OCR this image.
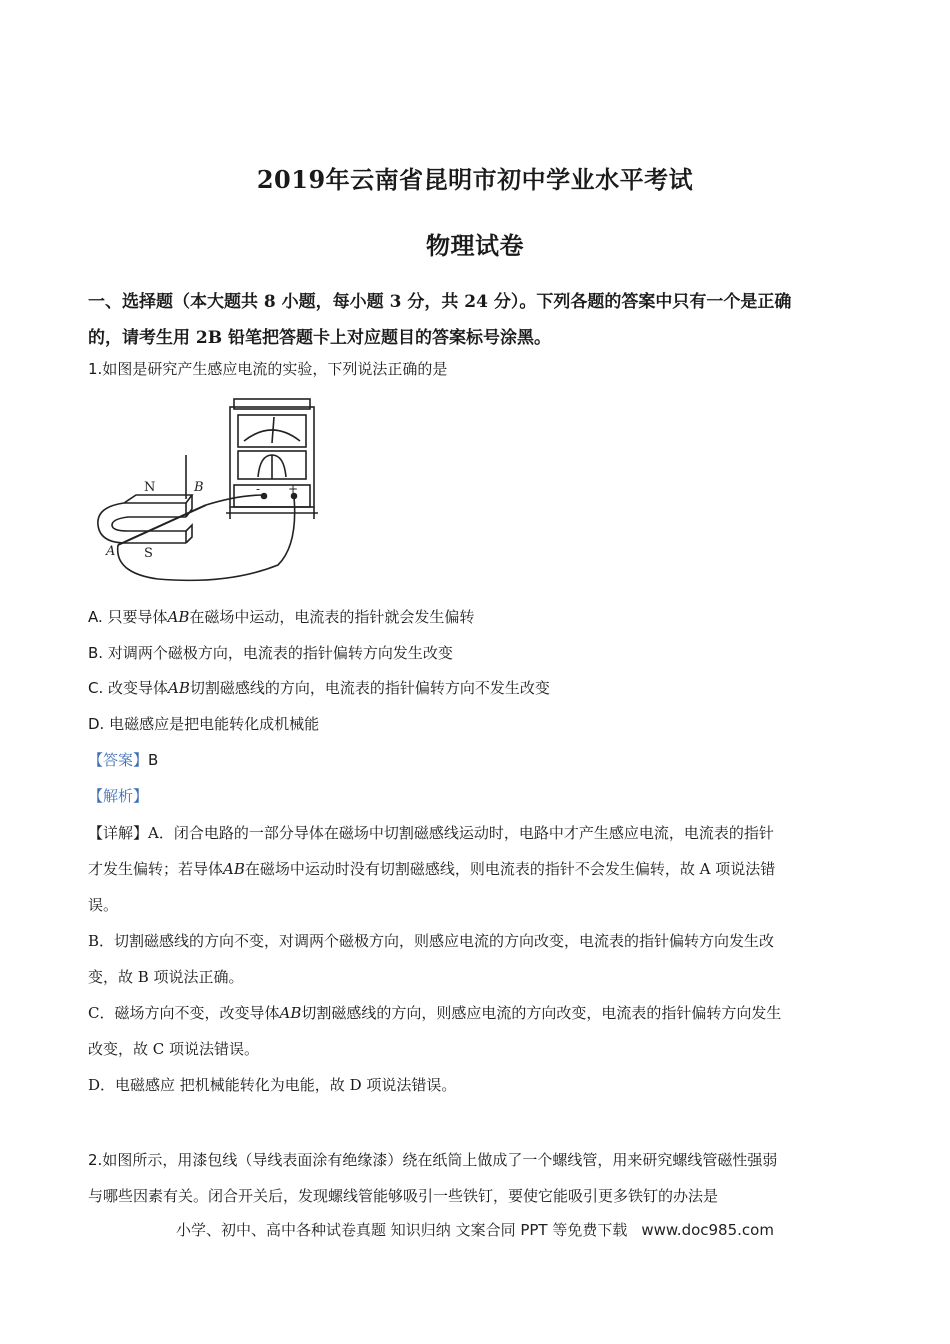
2019年云南省昆明市初中学业水平考试
物理试卷
一、选择题（本大题共 8 小题，每小题 3 分，共 24 分）。下列各题的答案中只有一个是正确
的，请考生用 2B 铅笔把答题卡上对应题目的答案标号涂黑。
1.如图是研究产生感应电流的实验，下列说法正确的是
N
S
A
B	- +
A. 只要导体AB在磁场中运动，电流表的指针就会发生偏转
B. 对调两个磁极方向，电流表的指针偏转方向发生改变
C. 改变导体AB切割磁感线的方向，电流表的指针偏转方向不发生改变
D. 电磁感应是把电能转化成机械能
【答案】B
【解析】
【详解】A．闭合电路的一部分导体在磁场中切割磁感线运动时，电路中才产生感应电流，电流表的指针
才发生偏转；若导体AB在磁场中运动时没有切割磁感线，则电流表的指针不会发生偏转，故 A 项说法错
误。
B．切割磁感线的方向不变，对调两个磁极方向，则感应电流的方向改变，电流表的指针偏转方向发生改
变，故 B 项说法正确。
C．磁场方向不变，改变导体AB切割磁感线的方向，则感应电流的方向改变，电流表的指针偏转方向发生
改变，故 C 项说法错误。
D．电磁感应 把机械能转化为电能，故 D 项说法错误。
2.如图所示，用漆包线（导线表面涂有绝缘漆）绕在纸筒上做成了一个螺线管，用来研究螺线管磁性强弱
与哪些因素有关。闭合开关后，发现螺线管能够吸引一些铁钉，要使它能吸引更多铁钉的办法是
小学、初中、高中各种试卷真题 知识归纳 文案合同 PPT 等免费下载 www.doc985.com
